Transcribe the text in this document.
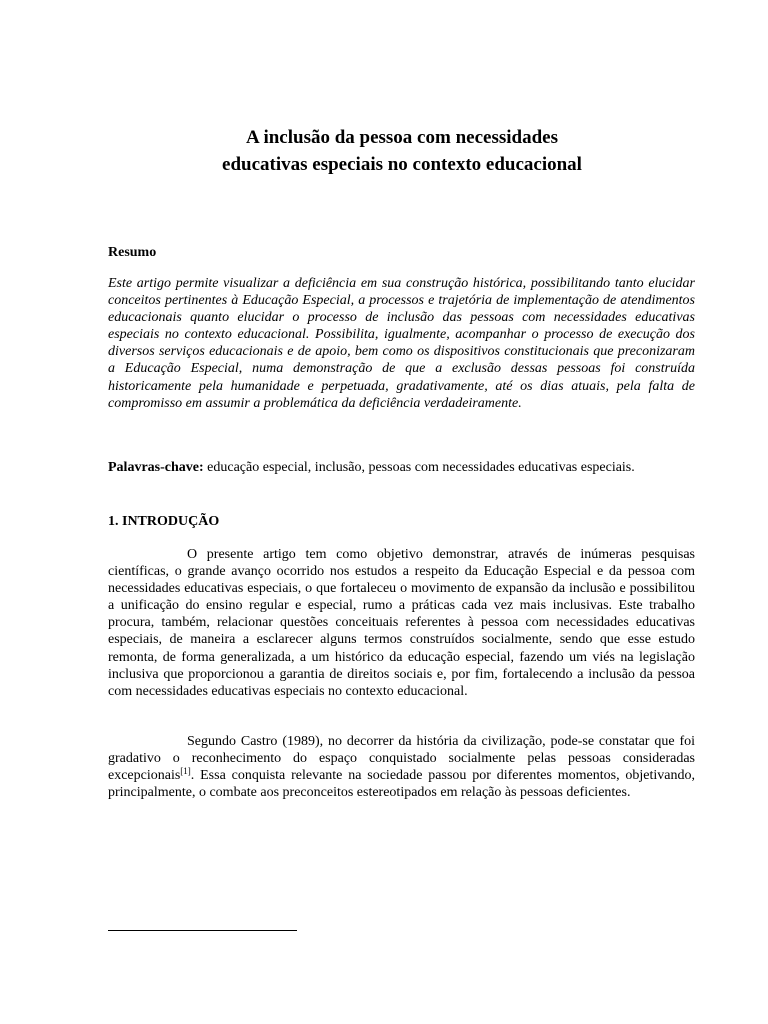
A inclusão da pessoa com necessidades
educativas especiais no contexto educacional
Resumo

Este artigo permite visualizar a deficiência em sua construção histórica, possibilitando tanto elucidar conceitos pertinentes à Educação Especial, a processos e trajetória de implementação de atendimentos educacionais quanto elucidar o processo de inclusão das pessoas com necessidades educativas especiais no contexto educacional. Possibilita, igualmente, acompanhar o processo de execução dos diversos serviços educacionais e de apoio, bem como os dispositivos constitucionais que preconizaram a Educação Especial, numa demonstração de que a exclusão dessas pessoas foi construída historicamente pela humanidade e perpetuada, gradativamente, até os dias atuais, pela falta de compromisso em assumir a problemática da deficiência verdadeiramente.

Palavras-chave: educação especial, inclusão, pessoas com necessidades educativas especiais.
1. INTRODUÇÃO

O presente artigo tem como objetivo demonstrar, através de inúmeras pesquisas científicas, o grande avanço ocorrido nos estudos a respeito da Educação Especial e da pessoa com necessidades educativas especiais, o que fortaleceu o movimento de expansão da inclusão e possibilitou a unificação do ensino regular e especial, rumo a práticas cada vez mais inclusivas. Este trabalho procura, também, relacionar questões conceituais referentes à pessoa com necessidades educativas especiais, de maneira a esclarecer alguns termos construídos socialmente, sendo que esse estudo remonta, de forma generalizada, a um histórico da educação especial, fazendo um viés na legislação inclusiva que proporcionou a garantia de direitos sociais e, por fim, fortalecendo a inclusão da pessoa com necessidades educativas especiais no contexto educacional.

Segundo Castro (1989), no decorrer da história da civilização, pode-se constatar que foi gradativo o reconhecimento do espaço conquistado socialmente pelas pessoas consideradas excepcionais[1]. Essa conquista relevante na sociedade passou por diferentes momentos, objetivando, principalmente, o combate aos preconceitos estereotipados em relação às pessoas deficientes.
